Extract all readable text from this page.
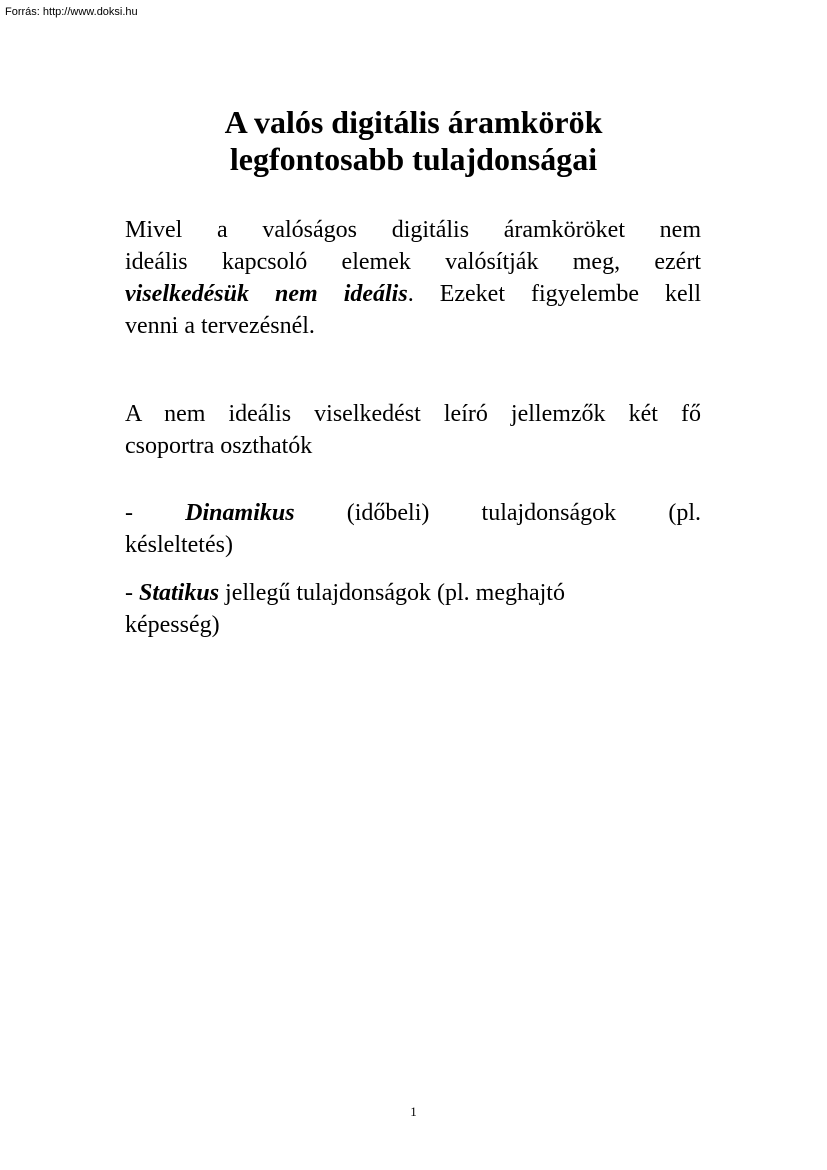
Forrás: http://www.doksi.hu
A valós digitális áramkörök
legfontosabb tulajdonságai
Mivel a valóságos digitális áramköröket nem
ideális kapcsoló elemek valósítják meg, ezért
viselkedésük nem ideális. Ezeket figyelembe kell
venni a tervezésnél.
A nem ideális viselkedést leíró jellemzők két fő
csoportra oszthatók
- Dinamikus (időbeli) tulajdonságok (pl.
késleltetés)
- Statikus jellegű tulajdonságok (pl. meghajtó
képesség)
1
